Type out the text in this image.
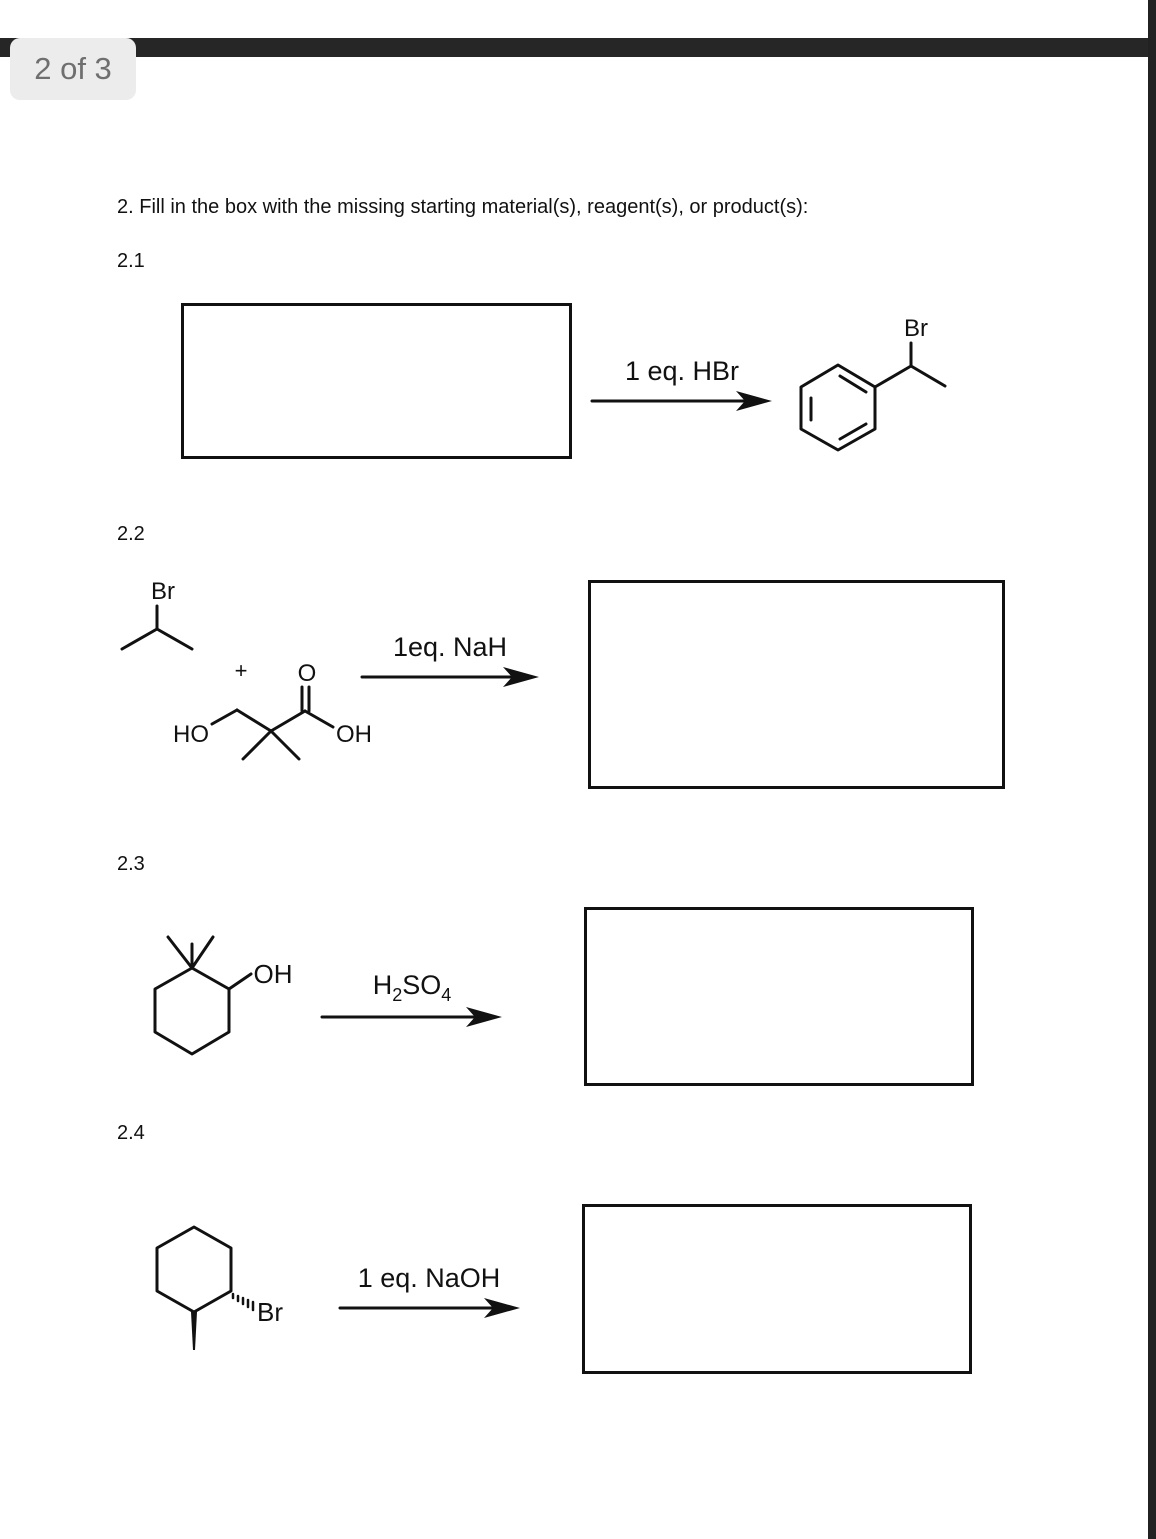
2 of 3
2. Fill in the box with the missing starting material(s), reagent(s), or product(s):
2.1
2.2
2.3
2.4
1 eq. HBr
Br
Br
+ O
HO	OH
1eq. NaH
OH	$H_2SO_4$
Br
1 eq. NaOH
